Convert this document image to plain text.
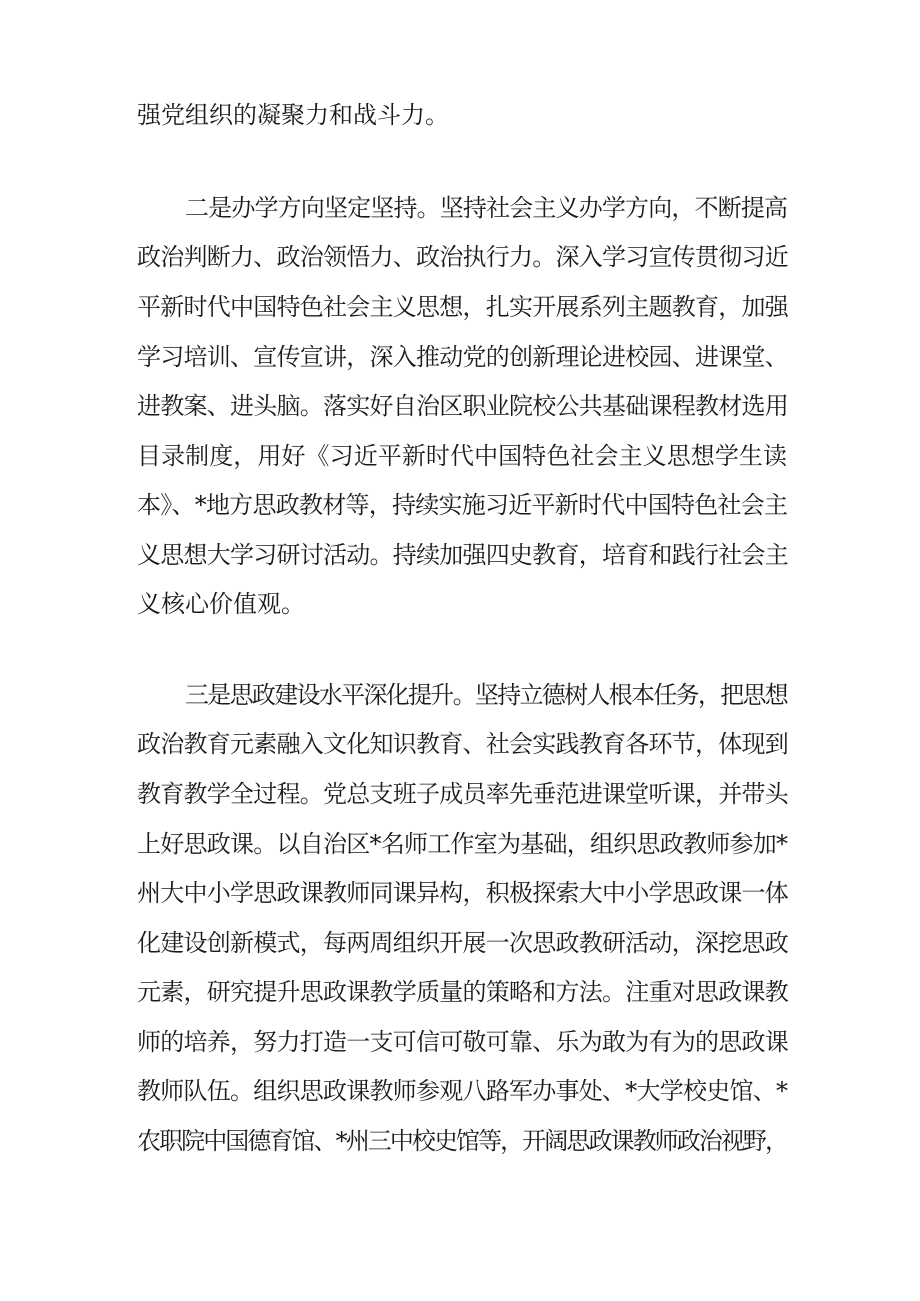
强党组织的凝聚力和战斗力。
二是办学方向坚定坚持。坚持社会主义办学方向，不断提高
政治判断力、政治领悟力、政治执行力。深入学习宣传贯彻习近
平新时代中国特色社会主义思想，扎实开展系列主题教育，加强
学习培训、宣传宣讲，深入推动党的创新理论进校园、进课堂、
进教案、进头脑。落实好自治区职业院校公共基础课程教材选用
目录制度，用好《习近平新时代中国特色社会主义思想学生读
本》、*地方思政教材等，持续实施习近平新时代中国特色社会主
义思想大学习研讨活动。持续加强四史教育，培育和践行社会主
义核心价值观。
三是思政建设水平深化提升。坚持立德树人根本任务，把思想
政治教育元素融入文化知识教育、社会实践教育各环节，体现到
教育教学全过程。党总支班子成员率先垂范进课堂听课，并带头
上好思政课。以自治区*名师工作室为基础，组织思政教师参加*
州大中小学思政课教师同课异构，积极探索大中小学思政课一体
化建设创新模式，每两周组织开展一次思政教研活动，深挖思政
元素，研究提升思政课教学质量的策略和方法。注重对思政课教
师的培养，努力打造一支可信可敬可靠、乐为敢为有为的思政课
教师队伍。组织思政课教师参观八路军办事处、*大学校史馆、*
农职院中国德育馆、*州三中校史馆等，开阔思政课教师政治视野，
